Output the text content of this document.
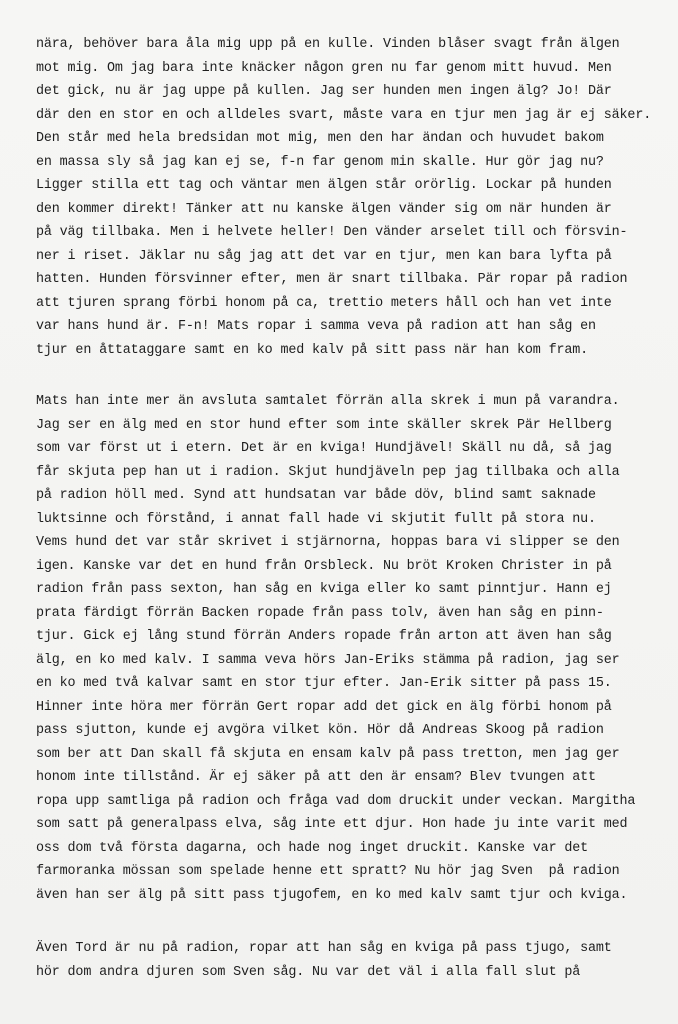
nära, behöver bara åla mig upp på en kulle. Vinden blåser svagt från älgen
mot mig. Om jag bara inte knäcker någon gren nu far genom mitt huvud. Men
det gick, nu är jag uppe på kullen. Jag ser hunden men ingen älg? Jo! Där
där den en stor en och alldeles svart, måste vara en tjur men jag är ej säker.
Den står med hela bredsidan mot mig, men den har ändan och huvudet bakom
en massa sly så jag kan ej se, f-n far genom min skalle. Hur gör jag nu?
Ligger stilla ett tag och väntar men älgen står orörlig. Lockar på hunden
den kommer direkt! Tänker att nu kanske älgen vänder sig om när hunden är
på väg tillbaka. Men i helvete heller! Den vänder arselet till och försvin-
ner i riset. Jäklar nu såg jag att det var en tjur, men kan bara lyfta på
hatten. Hunden försvinner efter, men är snart tillbaka. Pär ropar på radion
att tjuren sprang förbi honom på ca, trettio meters håll och han vet inte
var hans hund är. F-n! Mats ropar i samma veva på radion att han såg en
tjur en åttataggare samt en ko med kalv på sitt pass när han kom fram.
Mats han inte mer än avsluta samtalet förrän alla skrek i mun på varandra.
Jag ser en älg med en stor hund efter som inte skäller skrek Pär Hellberg
som var först ut i etern. Det är en kviga! Hundjävel! Skäll nu då, så jag
får skjuta pep han ut i radion. Skjut hundjäveln pep jag tillbaka och alla
på radion höll med. Synd att hundsatan var både döv, blind samt saknade
luktsinne och förstånd, i annat fall hade vi skjutit fullt på stora nu.
Vems hund det var står skrivet i stjärnorna, hoppas bara vi slipper se den
igen. Kanske var det en hund från Orsbleck. Nu bröt Kroken Christer in på
radion från pass sexton, han såg en kviga eller ko samt pinntjur. Hann ej
prata färdigt förrän Backen ropade från pass tolv, även han såg en pinn-
tjur. Gick ej lång stund förrän Anders ropade från arton att även han såg
älg, en ko med kalv. I samma veva hörs Jan-Eriks stämma på radion, jag ser
en ko med två kalvar samt en stor tjur efter. Jan-Erik sitter på pass 15.
Hinner inte höra mer förrän Gert ropar add det gick en älg förbi honom på
pass sjutton, kunde ej avgöra vilket kön. Hör då Andreas Skoog på radion
som ber att Dan skall få skjuta en ensam kalv på pass tretton, men jag ger
honom inte tillstånd. Är ej säker på att den är ensam? Blev tvungen att
ropa upp samtliga på radion och fråga vad dom druckit under veckan. Margitha
som satt på generalpass elva, såg inte ett djur. Hon hade ju inte varit med
oss dom två första dagarna, och hade nog inget druckit. Kanske var det
farmoranka mössan som spelade henne ett spratt? Nu hör jag Sven  på radion
även han ser älg på sitt pass tjugofem, en ko med kalv samt tjur och kviga.
Även Tord är nu på radion, ropar att han såg en kviga på pass tjugo, samt
hör dom andra djuren som Sven såg. Nu var det väl i alla fall slut på
